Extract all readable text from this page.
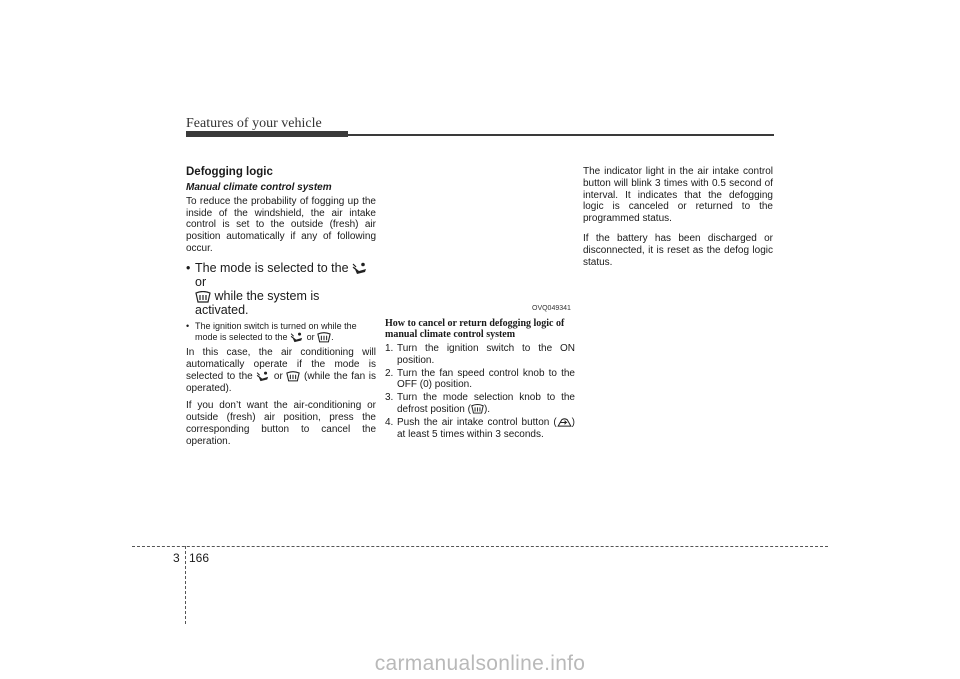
Features of your vehicle
Defogging logic
Manual climate control system

To reduce the probability of fogging up the inside of the windshield, the air intake control is set to the outside (fresh) air position automatically if any of following occur.

• The mode is selected to the
or

while the system is activated.
• The ignition switch is turned on while the mode is selected to the or .

In this case, the air conditioning will automatically operate if the mode is selected to the or (while the fan is operated).

If you don’t want the air-conditioning or outside (fresh) air position, press the corresponding button to cancel the operation.

OVQ049341
How to cancel or return defogging logic of manual climate control system
1. Turn the ignition switch to the ON position.
2. Turn the fan speed control knob to the OFF (0) position.
3. Turn the mode selection knob to the defrost position ( ).
4. Push the air intake control button ( ) at least 5 times within 3 seconds.

The indicator light in the air intake control button will blink 3 times with 0.5 second of interval. It indicates that the defogging logic is canceled or returned to the programmed status.

If the battery has been discharged or disconnected, it is reset as the defog logic status.

3 166
carmanualsonline.info
